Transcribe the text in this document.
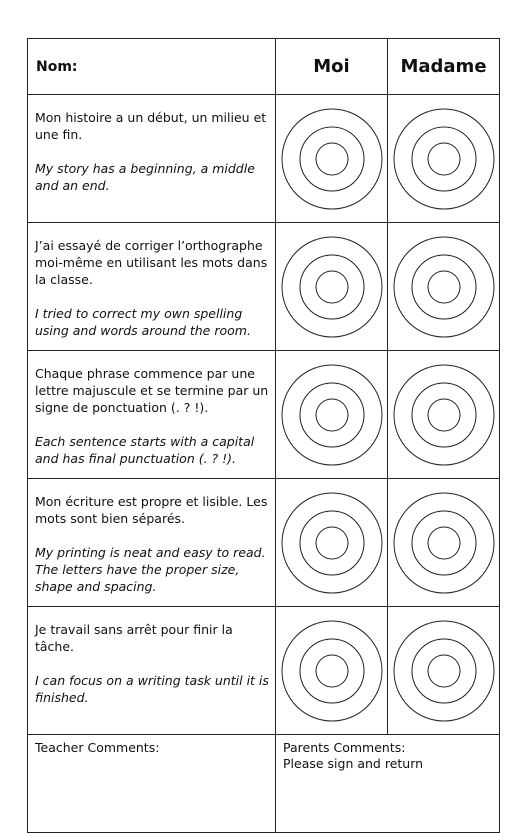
Nom:	Moi	Madame

Mon histoire a un début, un milieu et une fin.

My story has a beginning, a middle and an end.

J’ai essayé de corriger l’orthographe moi-même en utilisant les mots dans la classe.

I tried to correct my own spelling using and words around the room.

Chaque phrase commence par une lettre majuscule et se termine par un signe de ponctuation (. ? !).

Each sentence starts with a capital and has final punctuation (. ? !).

Mon écriture est propre et lisible. Les mots sont bien séparés.

My printing is neat and easy to read. The letters have the proper size, shape and spacing.

Je travail sans arrêt pour finir la tâche.

I can focus on a writing task until it is finished.

Teacher Comments:	Parents Comments:

Please sign and return	
